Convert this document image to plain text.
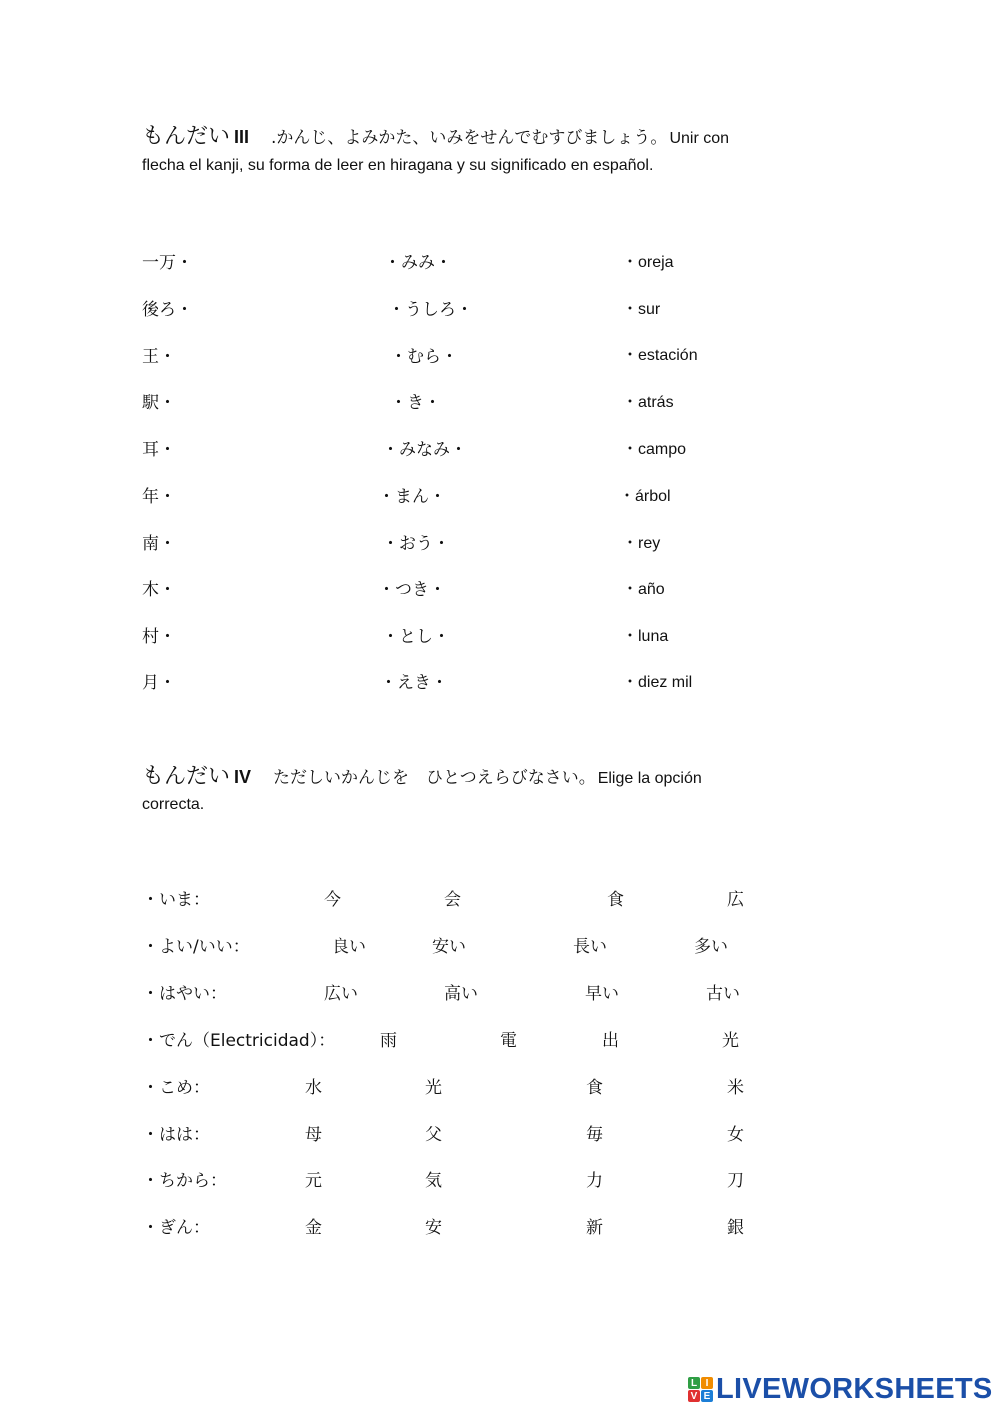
もんだい III .かんじ、よみかた、いみをせんでむすびましょう。 Unir con
flecha el kanji, su forma de leer en hiragana y su significado en español.
一万・	・みみ・	・oreja
後ろ・	・うしろ・	・sur
王・	・むら・	・estación
駅・	・き・	・atrás
耳・	・みなみ・	・campo
年・	・まん・	・árbol
南・	・おう・	・rey
木・	・つき・	・año
村・	・とし・	・luna
月・	・えき・	・diez mil
もんだい IV ただしいかんじを　ひとつえらびなさい。 Elige la opción
correcta.
・いま：	今	会	食	広
・よい/いい：	良い	安い	長い	多い
・はやい：	広い	高い	早い	古い
・でん（Electricidad）：	雨	電	出	光
・こめ：	水	光	食	米
・はは：	母	父	毎	女
・ちから：	元	気	力	刀
・ぎん：	金	安	新	銀
L I
V E LIVEWORKSHEETS
